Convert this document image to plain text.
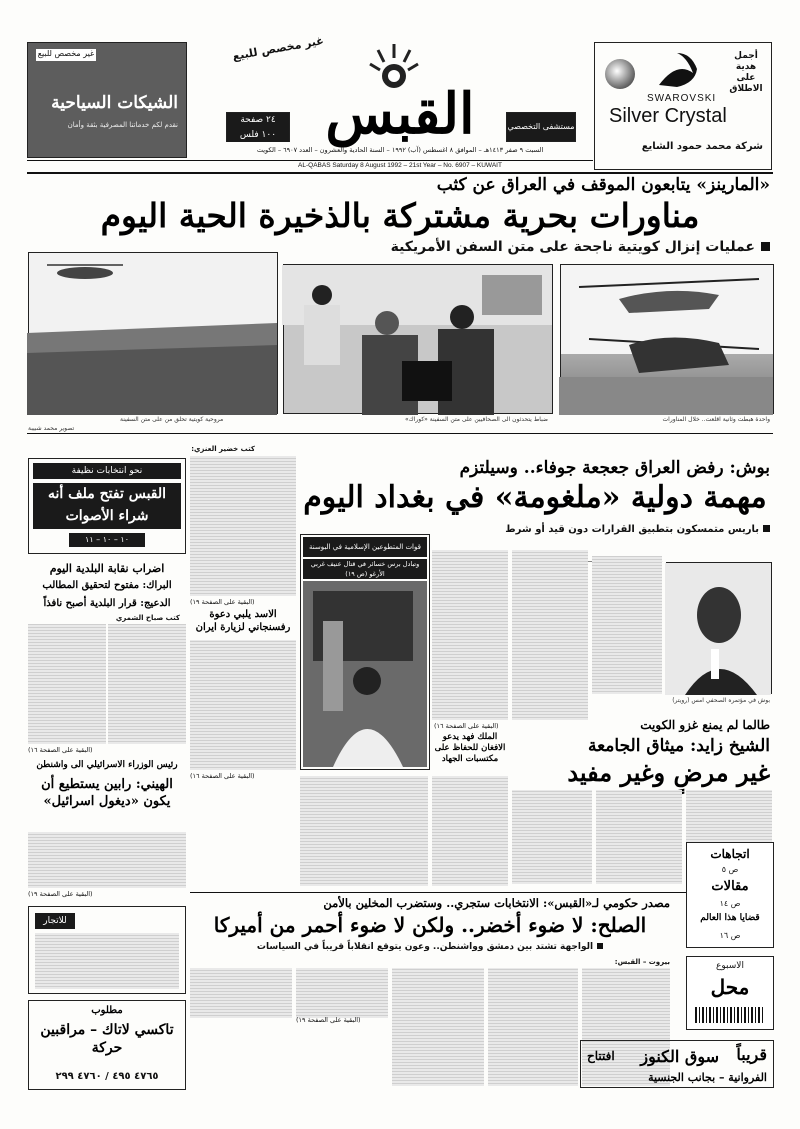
غير مخصص للبيع
الشيكات السياحية
نقدم لكم خدماتنا المصرفية بثقة وأمان	القبس
غير مخصص للبيع
٢٤ صفحة
١٠٠ فلس
مستشفى التخصصي
أجمل هدية على الاطلاق
SWAROVSKI
Silver Crystal
شركة محمد حمود الشايع
السبت ٩ صفر ١٤١٣هـ – الموافق ٨ اغسطس (آب) ١٩٩٢ – السنة الحادية والعشرون – العدد ٦٩٠٧ – الكويت
AL-QABAS Saturday 8 August 1992 – 21st Year – No. 6907 – KUWAIT
«المارينز» يتابعون الموقف في العراق عن كثب
مناورات بحرية مشتركة بالذخيرة الحية اليوم
عمليات إنزال كويتية ناجحة على متن السفن الأمريكية
واحدة هبطت وثانية اقلعت.. خلال المناورات
ضباط يتحدثون الى الصحافيين على متن السفينة «كوراك»
مروحية كويتية تحلق من على متن السفينة
تصوير محمد شبيبة
بوش: رفض العراق جعجعة جوفاء.. وسيلتزم
مهمة دولية «ملغومة» في بغداد اليوم
باريس متمسكون بتطبيق القرارات دون قيد أو شرط
بوش في مؤتمره الصحفي امس (رويتر)
(البقية على الصفحة ١٦)
قوات المتطوعين الإسلامية في البوسنة
وتبادل برس خسائر في قتال عنيف غربي الأرغو (ص ١٩)
كتب خضير العنزي:
(البقية على الصفحة ١٩)
الاسد يلبي دعوة رفسنجاني لزيارة ايران
(البقية على الصفحة ١٦)
الملك فهد يدعو الافغان للحفاظ على مكتسبات الجهاد
نحو انتخابات نظيفة
القبس تفتح ملف أنه شراء الأصوات
١٠ – ١٠ – ١١
اضراب نقابة البلدية اليوم
البراك: مفتوح لتحقيق المطالب
الدعيج: قرار البلدية أصبح نافذاً
كتب صباح الشمري
(البقية على الصفحة ١٦)
رئيس الوزراء الاسرائيلي الى واشنطن
الهيني: رابين يستطيع أن يكون «ديغول اسرائيل»
(البقية على الصفحة ١٩)
طالما لم يمنع غزو الكويت
الشيخ زايد: ميثاق الجامعة
غير مرضٍ وغير مفيد
مصدر حكومي لـ«القبس»: الانتخابات ستجري.. وستضرب المخلين بالأمن
الصلح: لا ضوء أخضر.. ولكن لا ضوء أحمر من أميركا
الواجهة تشتد بين دمشق وواشنطن.. وعون يتوقع انقلاباً قريباً في السياسات
بيروت – القبس:
(البقية على الصفحة ١٩)
قريباً
سوق الكنوز
افتتاح
الفروانية – بجانب الجنسية
للاتجار
مطلوب
تاكسي لاتاك – مراقبين حركة
٤٧٦٥ ٤٩٥ / ٤٧٦٠ ٢٩٩
اتجاهات
ص ٥
مقالات
ص ١٤
قضايا هذا العالم
ص ١٦
الاسبوع
محل
